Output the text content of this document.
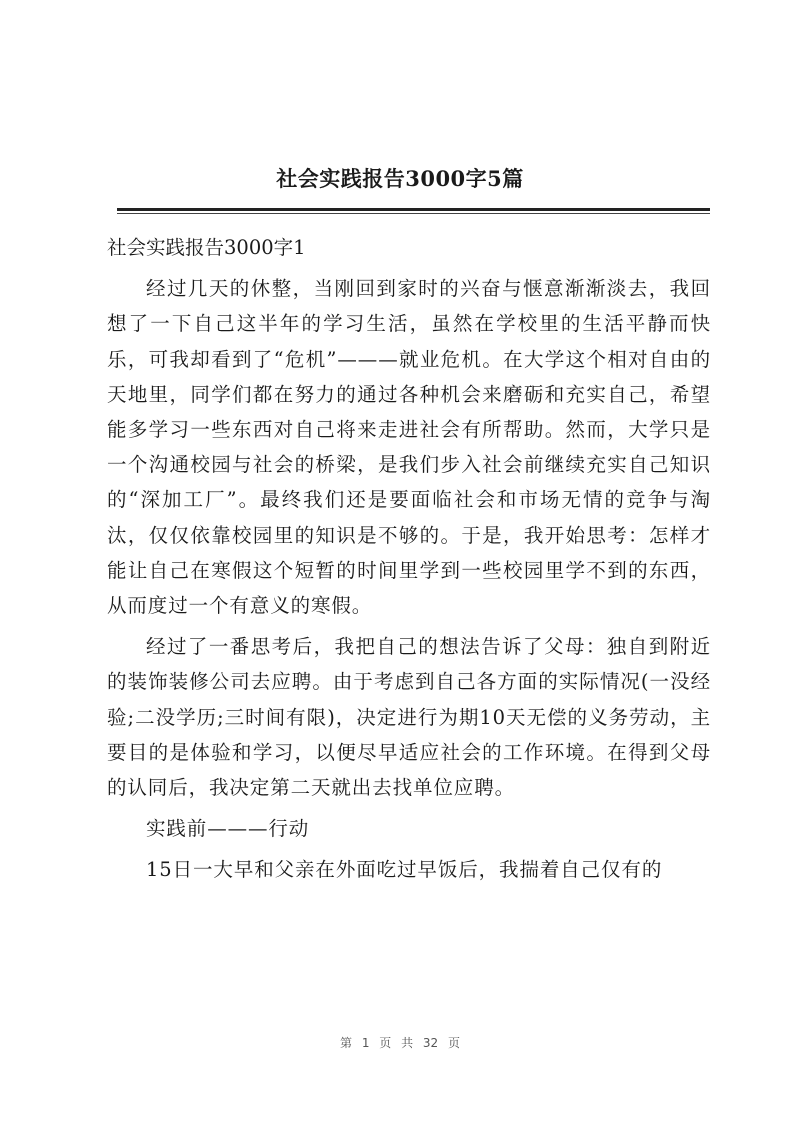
社会实践报告3000字5篇
社会实践报告3000字1

经过几天的休整，当刚回到家时的兴奋与惬意渐渐淡去，我回想了一下自己这半年的学习生活，虽然在学校里的生活平静而快乐，可我却看到了“危机”———就业危机。在大学这个相对自由的天地里，同学们都在努力的通过各种机会来磨砺和充实自己，希望能多学习一些东西对自己将来走进社会有所帮助。然而，大学只是一个沟通校园与社会的桥梁，是我们步入社会前继续充实自己知识的“深加工厂”。最终我们还是要面临社会和市场无情的竞争与淘汰，仅仅依靠校园里的知识是不够的。于是，我开始思考：怎样才能让自己在寒假这个短暂的时间里学到一些校园里学不到的东西，从而度过一个有意义的寒假。

经过了一番思考后，我把自己的想法告诉了父母：独自到附近的装饰装修公司去应聘。由于考虑到自己各方面的实际情况(一没经验;二没学历;三时间有限)，决定进行为期10天无偿的义务劳动，主要目的是体验和学习，以便尽早适应社会的工作环境。在得到父母的认同后，我决定第二天就出去找单位应聘。

实践前———行动

15日一大早和父亲在外面吃过早饭后，我揣着自己仅有的

第 1 页 共 32 页
